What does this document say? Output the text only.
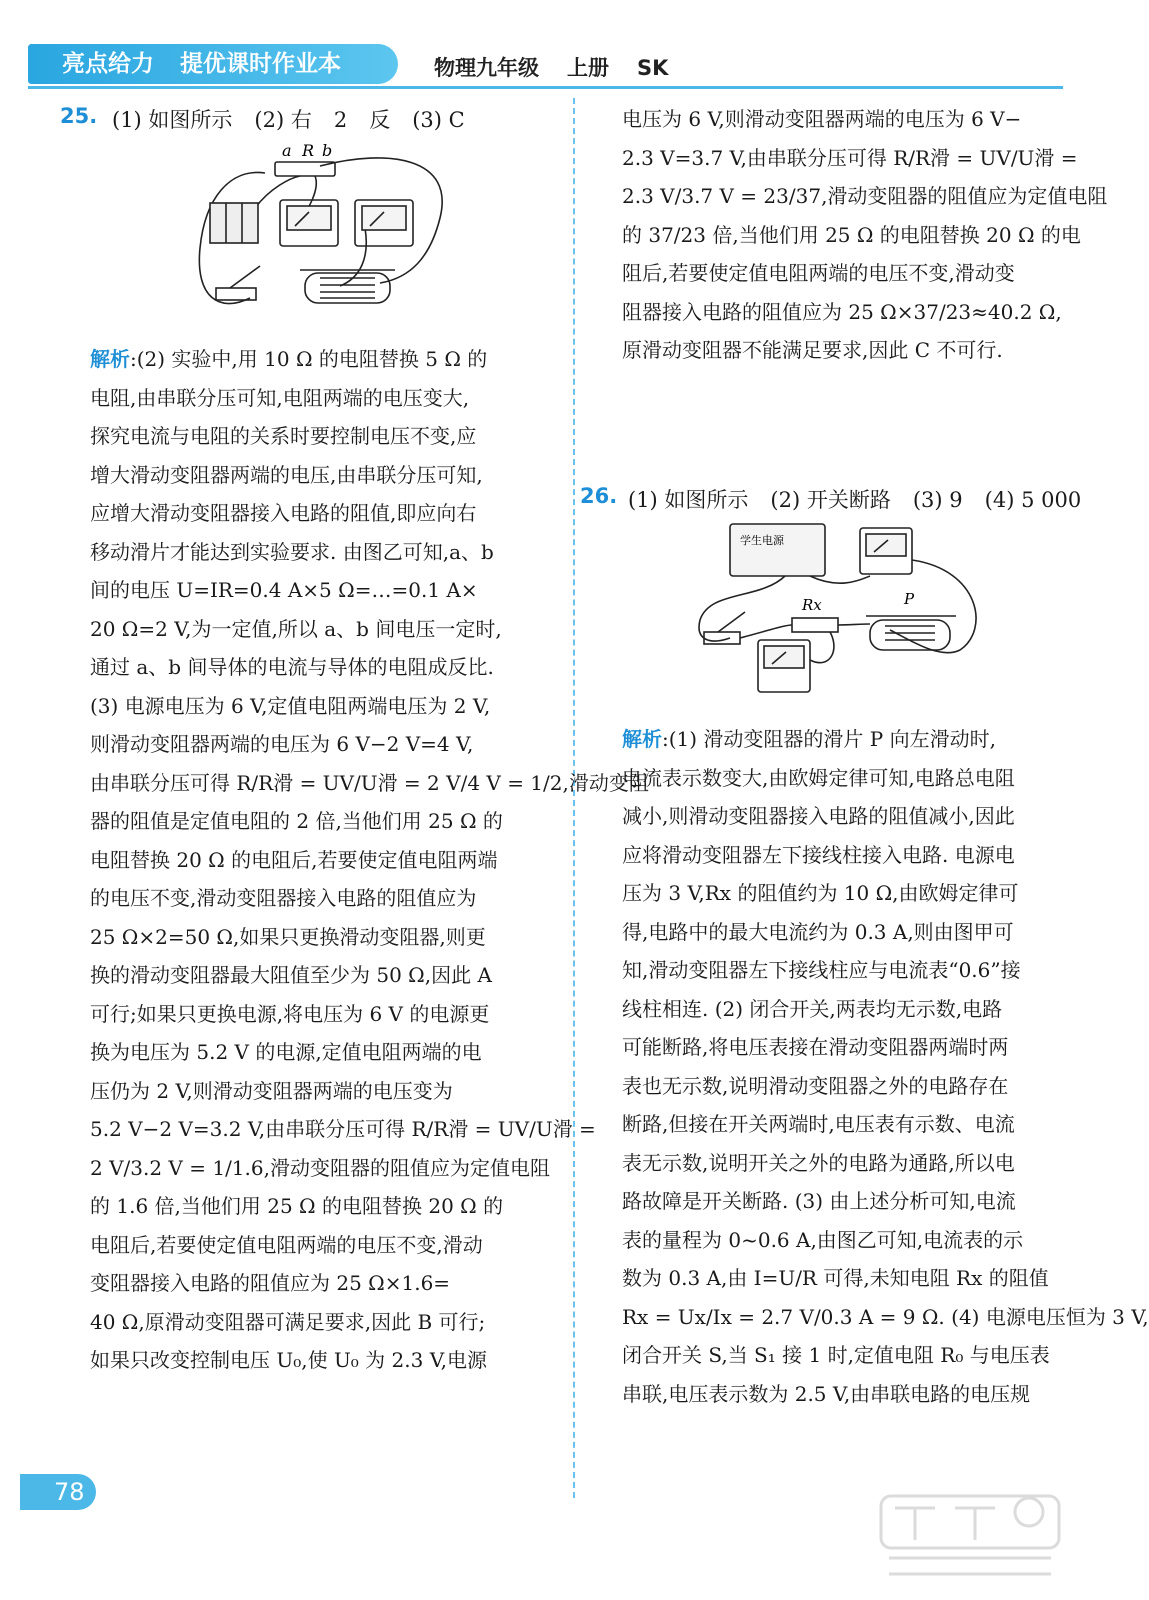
亮点给力 提优课时作业本	物理九年级 上册 SK
25. (1) 如图所示 (2) 右 2 反 (3) C
a R b
解析:(2) 实验中,用 10 Ω 的电阻替换 5 Ω 的
电阻,由串联分压可知,电阻两端的电压变大,
探究电流与电阻的关系时要控制电压不变,应
增大滑动变阻器两端的电压,由串联分压可知,
应增大滑动变阻器接入电路的阻值,即应向右
移动滑片才能达到实验要求. 由图乙可知,a、b
间的电压 U=IR=0.4 A×5 Ω=…=0.1 A×
20 Ω=2 V,为一定值,所以 a、b 间电压一定时,
通过 a、b 间导体的电流与导体的电阻成反比.
(3) 电源电压为 6 V,定值电阻两端电压为 2 V,
则滑动变阻器两端的电压为 6 V−2 V=4 V,
由串联分压可得 R/R滑 = UV/U滑 = 2 V/4 V = 1/2,滑动变阻
器的阻值是定值电阻的 2 倍,当他们用 25 Ω 的
电阻替换 20 Ω 的电阻后,若要使定值电阻两端
的电压不变,滑动变阻器接入电路的阻值应为
25 Ω×2=50 Ω,如果只更换滑动变阻器,则更
换的滑动变阻器最大阻值至少为 50 Ω,因此 A
可行;如果只更换电源,将电压为 6 V 的电源更
换为电压为 5.2 V 的电源,定值电阻两端的电
压仍为 2 V,则滑动变阻器两端的电压变为
5.2 V−2 V=3.2 V,由串联分压可得 R/R滑 = UV/U滑 =
2 V/3.2 V = 1/1.6,滑动变阻器的阻值应为定值电阻
的 1.6 倍,当他们用 25 Ω 的电阻替换 20 Ω 的
电阻后,若要使定值电阻两端的电压不变,滑动
变阻器接入电路的阻值应为 25 Ω×1.6=
40 Ω,原滑动变阻器可满足要求,因此 B 可行;
如果只改变控制电压 U₀,使 U₀ 为 2.3 V,电源
电压为 6 V,则滑动变阻器两端的电压为 6 V−
2.3 V=3.7 V,由串联分压可得 R/R滑 = UV/U滑 =
2.3 V/3.7 V = 23/37,滑动变阻器的阻值应为定值电阻
的 37/23 倍,当他们用 25 Ω 的电阻替换 20 Ω 的电
阻后,若要使定值电阻两端的电压不变,滑动变
阻器接入电路的阻值应为 25 Ω×37/23≈40.2 Ω,
原滑动变阻器不能满足要求,因此 C 不可行.
26. (1) 如图所示 (2) 开关断路 (3) 9 (4) 5 000
学生电源
Rx	P
解析:(1) 滑动变阻器的滑片 P 向左滑动时,
电流表示数变大,由欧姆定律可知,电路总电阻
减小,则滑动变阻器接入电路的阻值减小,因此
应将滑动变阻器左下接线柱接入电路. 电源电
压为 3 V,Rx 的阻值约为 10 Ω,由欧姆定律可
得,电路中的最大电流约为 0.3 A,则由图甲可
知,滑动变阻器左下接线柱应与电流表“0.6”接
线柱相连. (2) 闭合开关,两表均无示数,电路
可能断路,将电压表接在滑动变阻器两端时两
表也无示数,说明滑动变阻器之外的电路存在
断路,但接在开关两端时,电压表有示数、电流
表无示数,说明开关之外的电路为通路,所以电
路故障是开关断路. (3) 由上述分析可知,电流
表的量程为 0~0.6 A,由图乙可知,电流表的示
数为 0.3 A,由 I=U/R 可得,未知电阻 Rx 的阻值
Rx = Ux/Ix = 2.7 V/0.3 A = 9 Ω. (4) 电源电压恒为 3 V,
闭合开关 S,当 S₁ 接 1 时,定值电阻 R₀ 与电压表
串联,电压表示数为 2.5 V,由串联电路的电压规
78
